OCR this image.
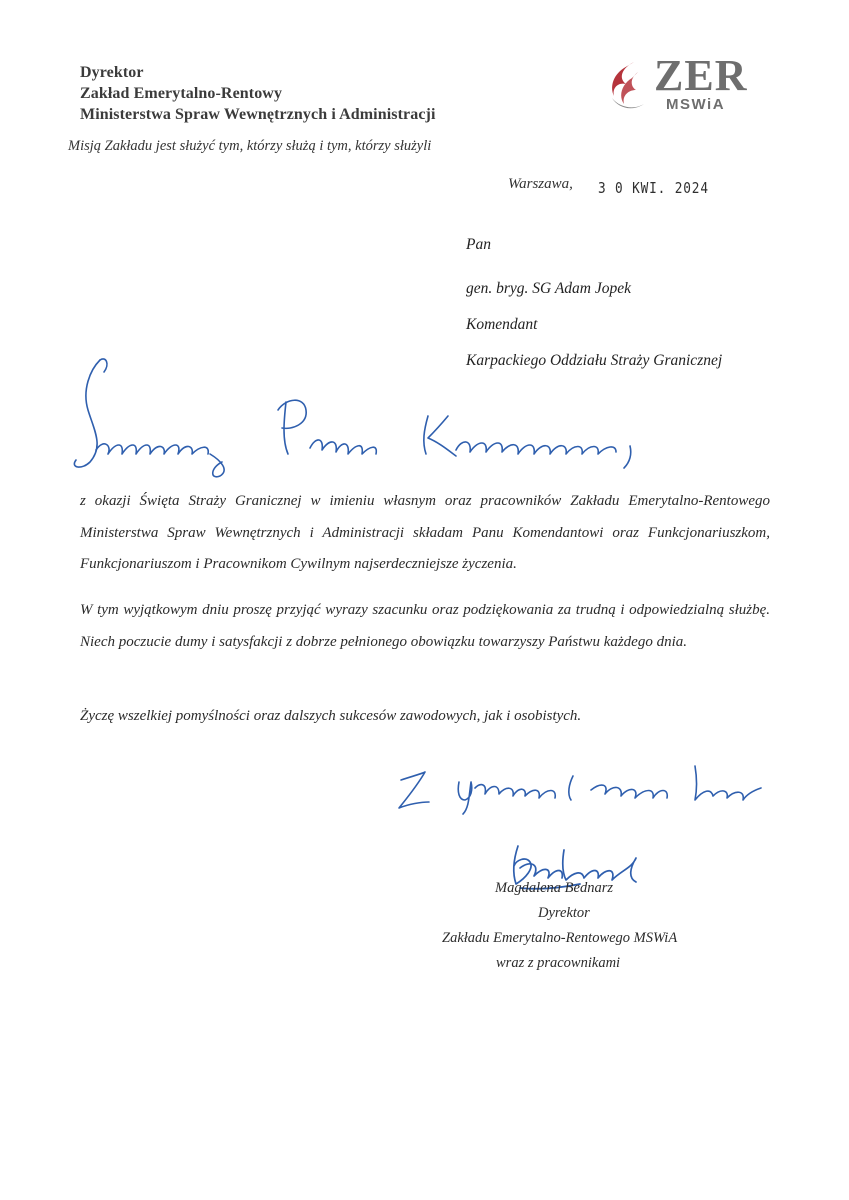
Dyrektor
Zakład Emerytalno-Rentowy
Ministerstwa Spraw Wewnętrznych i Administracji
Misją Zakładu jest służyć tym, którzy służą i tym, którzy służyli
ZER
MSWiA
Warszawa, 3 0 KWI. 2024
Pan
gen. bryg. SG Adam Jopek
Komendant
Karpackiego Oddziału Straży Granicznej
z okazji Święta Straży Granicznej w imieniu własnym oraz pracowników Zakładu Emerytalno-Rentowego Ministerstwa Spraw Wewnętrznych i Administracji składam Panu Komendantowi oraz Funkcjonariuszkom, Funkcjonariuszom i Pracownikom Cywilnym najserdeczniejsze życzenia.
W tym wyjątkowym dniu proszę przyjąć wyrazy szacunku oraz podziękowania za trudną i odpowiedzialną służbę. Niech poczucie dumy i satysfakcji z dobrze pełnionego obowiązku towarzyszy Państwu każdego dnia.
Życzę wszelkiej pomyślności oraz dalszych sukcesów zawodowych, jak i osobistych.
Magdalena Bednarz
Dyrektor
Zakładu Emerytalno-Rentowego MSWiA
wraz z pracownikami
